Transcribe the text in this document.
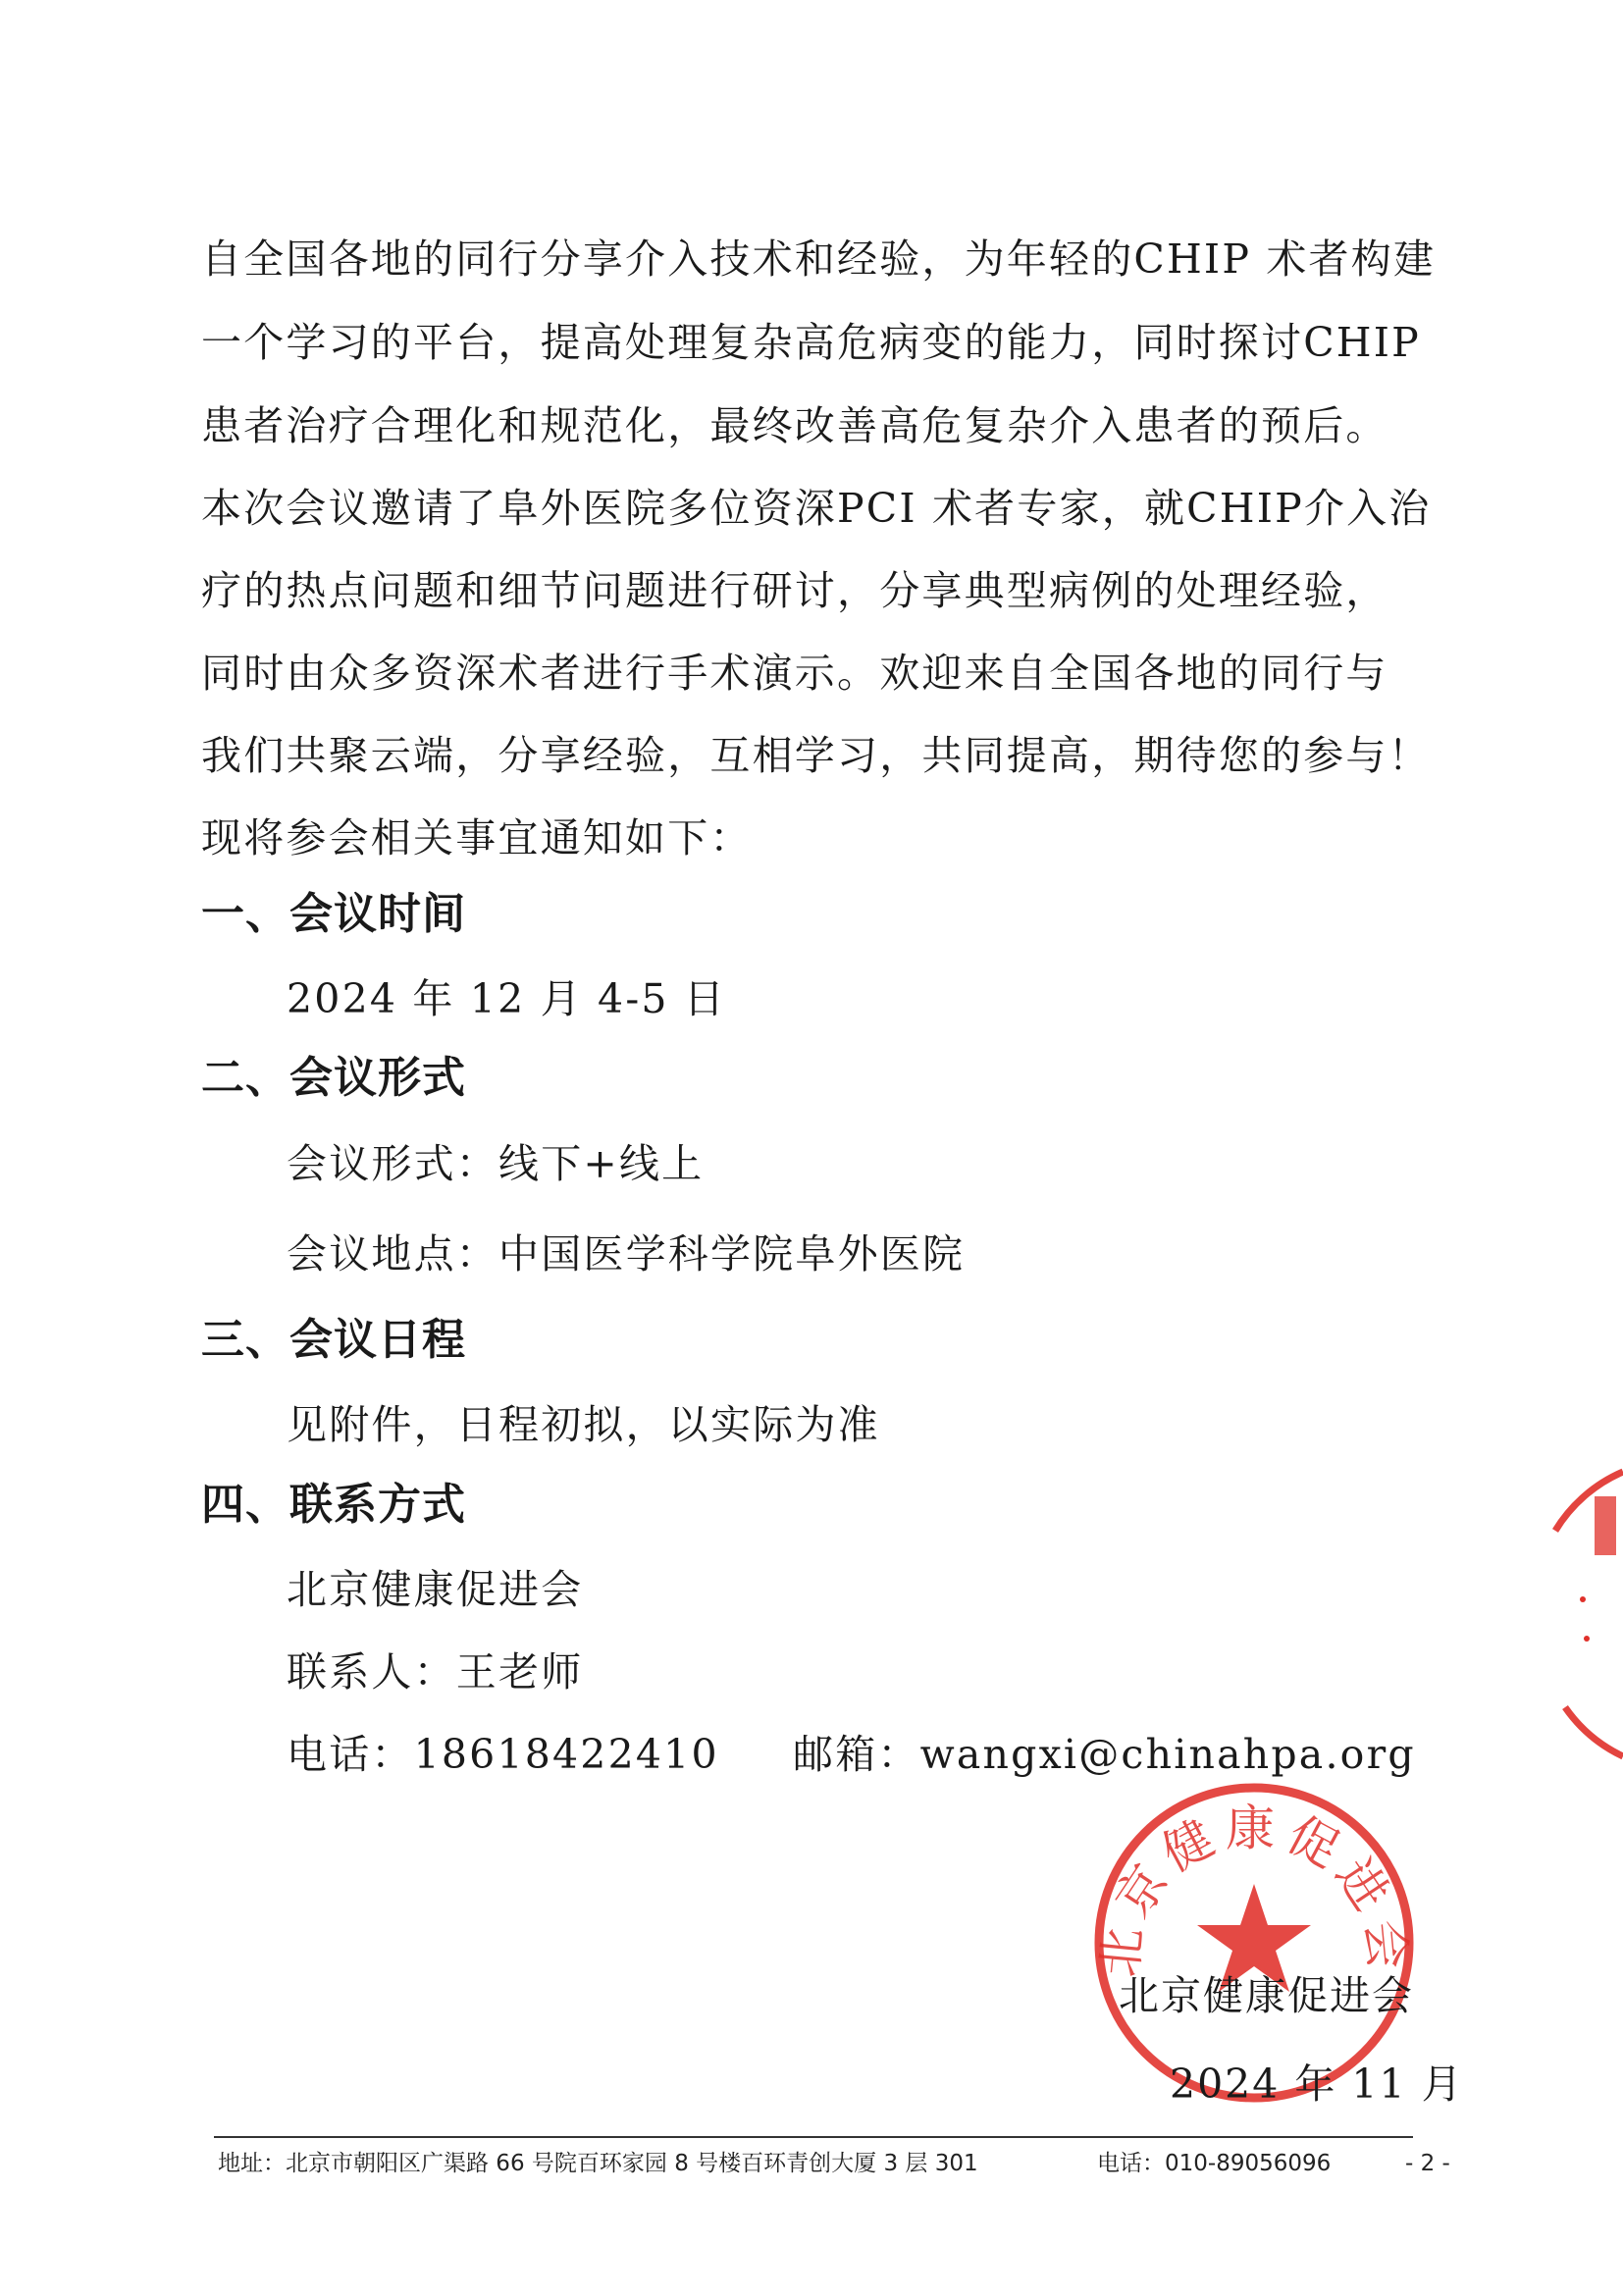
自全国各地的同行分享介入技术和经验，为年轻的CHIP 术者构建
一个学习的平台，提高处理复杂高危病变的能力，同时探讨CHIP
患者治疗合理化和规范化，最终改善高危复杂介入患者的预后。
本次会议邀请了阜外医院多位资深PCI 术者专家，就CHIP介入治
疗的热点问题和细节问题进行研讨，分享典型病例的处理经验，
同时由众多资深术者进行手术演示。欢迎来自全国各地的同行与
我们共聚云端，分享经验，互相学习，共同提高，期待您的参与！
现将参会相关事宜通知如下：
一、会议时间
2024 年 12 月 4-5 日
二、会议形式
会议形式：线下+线上
会议地点：中国医学科学院阜外医院
三、会议日程
见附件，日程初拟，以实际为准
四、联系方式
北京健康促进会
联系人：王老师
电话：18618422410 邮箱：wangxi@chinahpa.org
北京健康促进会
北京健康促进会
2024 年 11 月
地址：北京市朝阳区广渠路 66 号院百环家园 8 号楼百环青创大厦 3 层 301	电话：010-89056096	- 2 -
